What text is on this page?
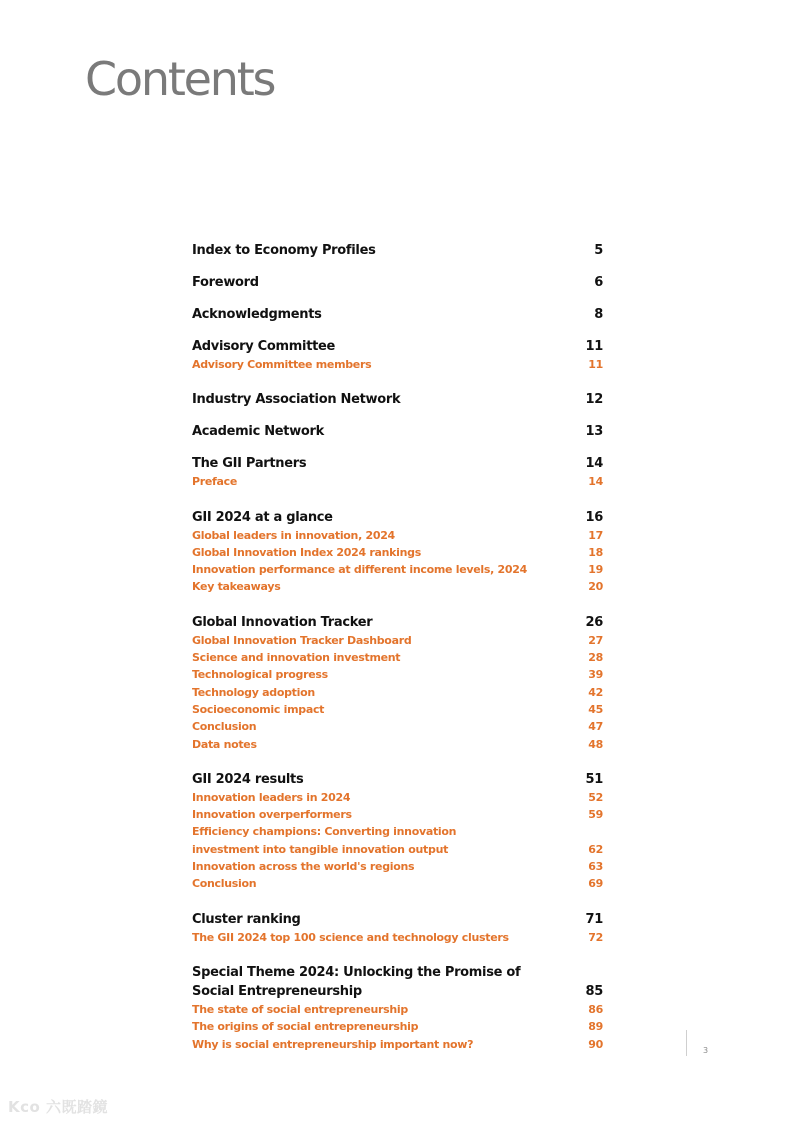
Contents
Index to Economy Profiles	5
Foreword	6
Acknowledgments	8
Advisory Committee	11
Advisory Committee members	11
Industry Association Network	12
Academic Network	13
The GII Partners	14
Preface	14
GII 2024 at a glance	16
Global leaders in innovation, 2024	17
Global Innovation Index 2024 rankings	18
Innovation performance at different income levels, 2024	19
Key takeaways	20
Global Innovation Tracker	26
Global Innovation Tracker Dashboard	27
Science and innovation investment	28
Technological progress	39
Technology adoption	42
Socioeconomic impact	45
Conclusion	47
Data notes	48
GII 2024 results	51
Innovation leaders in 2024	52
Innovation overperformers	59
Efficiency champions: Converting innovation
investment into tangible innovation output	62
Innovation across the world's regions	63
Conclusion	69
Cluster ranking	71
The GII 2024 top 100 science and technology clusters	72
Special Theme 2024: Unlocking the Promise of
Social Entrepreneurship	85
The state of social entrepreneurship	86
The origins of social entrepreneurship	89
Why is social entrepreneurship important now?	90	3
Kco 六既踏鏡
